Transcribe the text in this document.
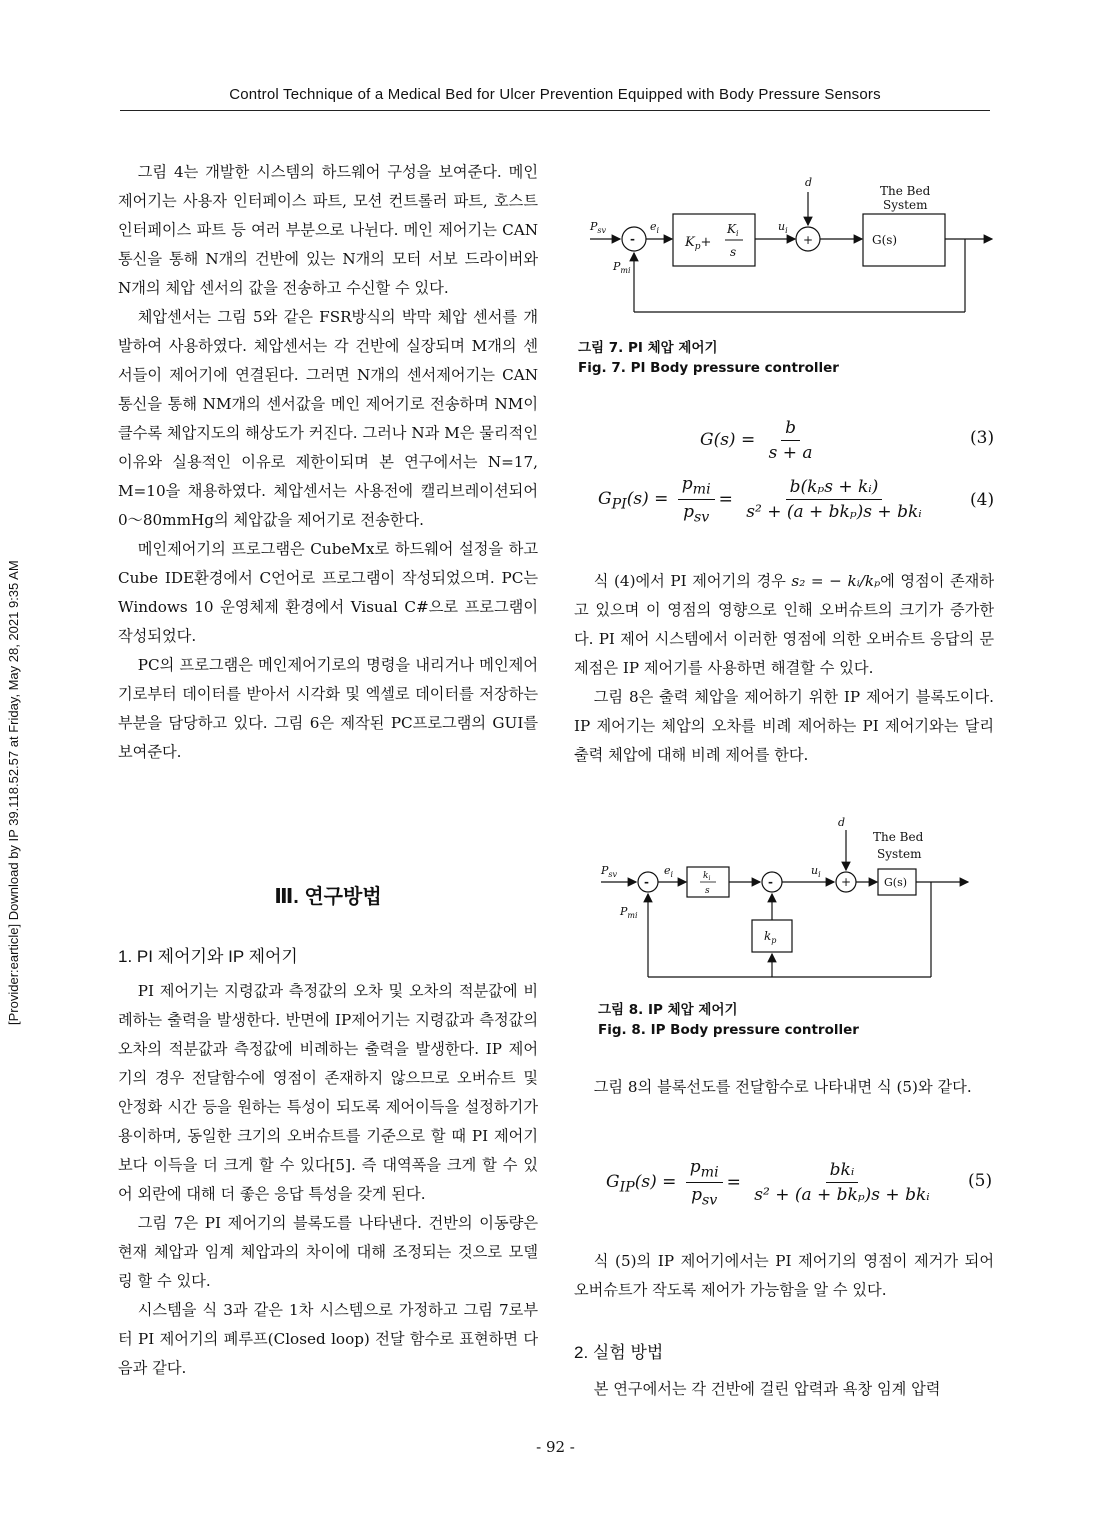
Control Technique of a Medical Bed for Ulcer Prevention Equipped with Body Pressure Sensors
[Provider:earticle] Download by IP 39.118.52.57 at Friday, May 28, 2021 9:35 AM

그림 4는 개발한 시스템의 하드웨어 구성을 보여준다. 메인 제어기는 사용자 인터페이스 파트, 모션 컨트롤러 파트, 호스트 인터페이스 파트 등 여러 부분으로 나뉜다. 메인 제어기는 CAN통신을 통해 N개의 건반에 있는 N개의 모터 서보 드라이버와 N개의 체압 센서의 값을 전송하고 수신할 수 있다.

체압센서는 그림 5와 같은 FSR방식의 박막 체압 센서를 개발하여 사용하였다. 체압센서는 각 건반에 실장되며 M개의 센서들이 제어기에 연결된다. 그러면 N개의 센서제어기는 CAN통신을 통해 NM개의 센서값을 메인 제어기로 전송하며 NM이 클수록 체압지도의 해상도가 커진다. 그러나 N과 M은 물리적인 이유와 실용적인 이유로 제한이되며 본 연구에서는 N=17, M=10을 채용하였다. 체압센서는 사용전에 캘리브레이션되어 0～80mmHg의 체압값을 제어기로 전송한다.

메인제어기의 프로그램은 CubeMx로 하드웨어 설정을 하고 Cube IDE환경에서 C언어로 프로그램이 작성되었으며. PC는 Windows 10 운영체제 환경에서 Visual C#으로 프로그램이 작성되었다.

PC의 프로그램은 메인제어기로의 명령을 내리거나 메인제어기로부터 데이터를 받아서 시각화 및 엑셀로 데이터를 저장하는 부분을 담당하고 있다. 그림 6은 제작된 PC프로그램의 GUI를 보여준다.

Ⅲ. 연구방법
1. PI 제어기와 IP 제어기

PI 제어기는 지령값과 측정값의 오차 및 오차의 적분값에 비례하는 출력을 발생한다. 반면에 IP제어기는 지령값과 측정값의 오차의 적분값과 측정값에 비례하는 출력을 발생한다. IP 제어기의 경우 전달함수에 영점이 존재하지 않으므로 오버슈트 및 안정화 시간 등을 원하는 특성이 되도록 제어이득을 설정하기가 용이하며, 동일한 크기의 오버슈트를 기준으로 할 때 PI 제어기보다 이득을 더 크게 할 수 있다[5]. 즉 대역폭을 크게 할 수 있어 외란에 대해 더 좋은 응답 특성을 갖게 된다.

그림 7은 PI 제어기의 블록도를 나타낸다. 건반의 이동량은 현재 체압과 임계 체압과의 차이에 대해 조정되는 것으로 모델링 할 수 있다.

시스템을 식 3과 같은 1차 시스템으로 가정하고 그림 7로부터 PI 제어기의 폐루프(Closed loop) 전달 함수로 표현하면 다음과 같다.

$P_{sv}$	$e_i$
$P_{mi}$
$u_i$
d
G(s)
$K_p+$
$K_i$
s
-	+
The Bed
System
그림 7. PI 체압 제어기
Fig. 7. PI Body pressure controller
$G(s) = \frac{b}{s + a}$	(3)
$G_{PI}(s) = \frac{p_{mi}}{p_{sv}} = \frac{\text{b(kₚs + kᵢ)}}{\text{s² + (a + bkₚ)s + bkᵢ}}$	(4)

식 (4)에서 PI 제어기의 경우 s₂ = − kᵢ/kₚ에 영점이 존재하고 있으며 이 영점의 영향으로 인해 오버슈트의 크기가 증가한다. PI 제어 시스템에서 이러한 영점에 의한 오버슈트 응답의 문제점은 IP 제어기를 사용하면 해결할 수 있다.

그림 8은 출력 체압을 제어하기 위한 IP 제어기 블록도이다. IP 제어기는 체압의 오차를 비례 제어하는 PI 제어기와는 달리 출력 체압에 대해 비례 제어를 한다.

$P_{sv}$	$e_i$
$P_{mi}$
$u_i$
d
G(s)
$k_i$
s
$k_p$
-	-	+
The Bed
System
그림 8. IP 체압 제어기
Fig. 8. IP Body pressure controller

그림 8의 블록선도를 전달함수로 나타내면 식 (5)와 같다.

$G_{IP}(s) = \frac{p_{mi}}{p_{sv}} = \frac{\text{bkᵢ}}{\text{s² + (a + bkₚ)s + bkᵢ}} (5)$

식 (5)의 IP 제어기에서는 PI 제어기의 영점이 제거가 되어 오버슈트가 작도록 제어가 가능함을 알 수 있다.

2. 실험 방법

본 연구에서는 각 건반에 걸린 압력과 욕창 임계 압력

- 92 -
